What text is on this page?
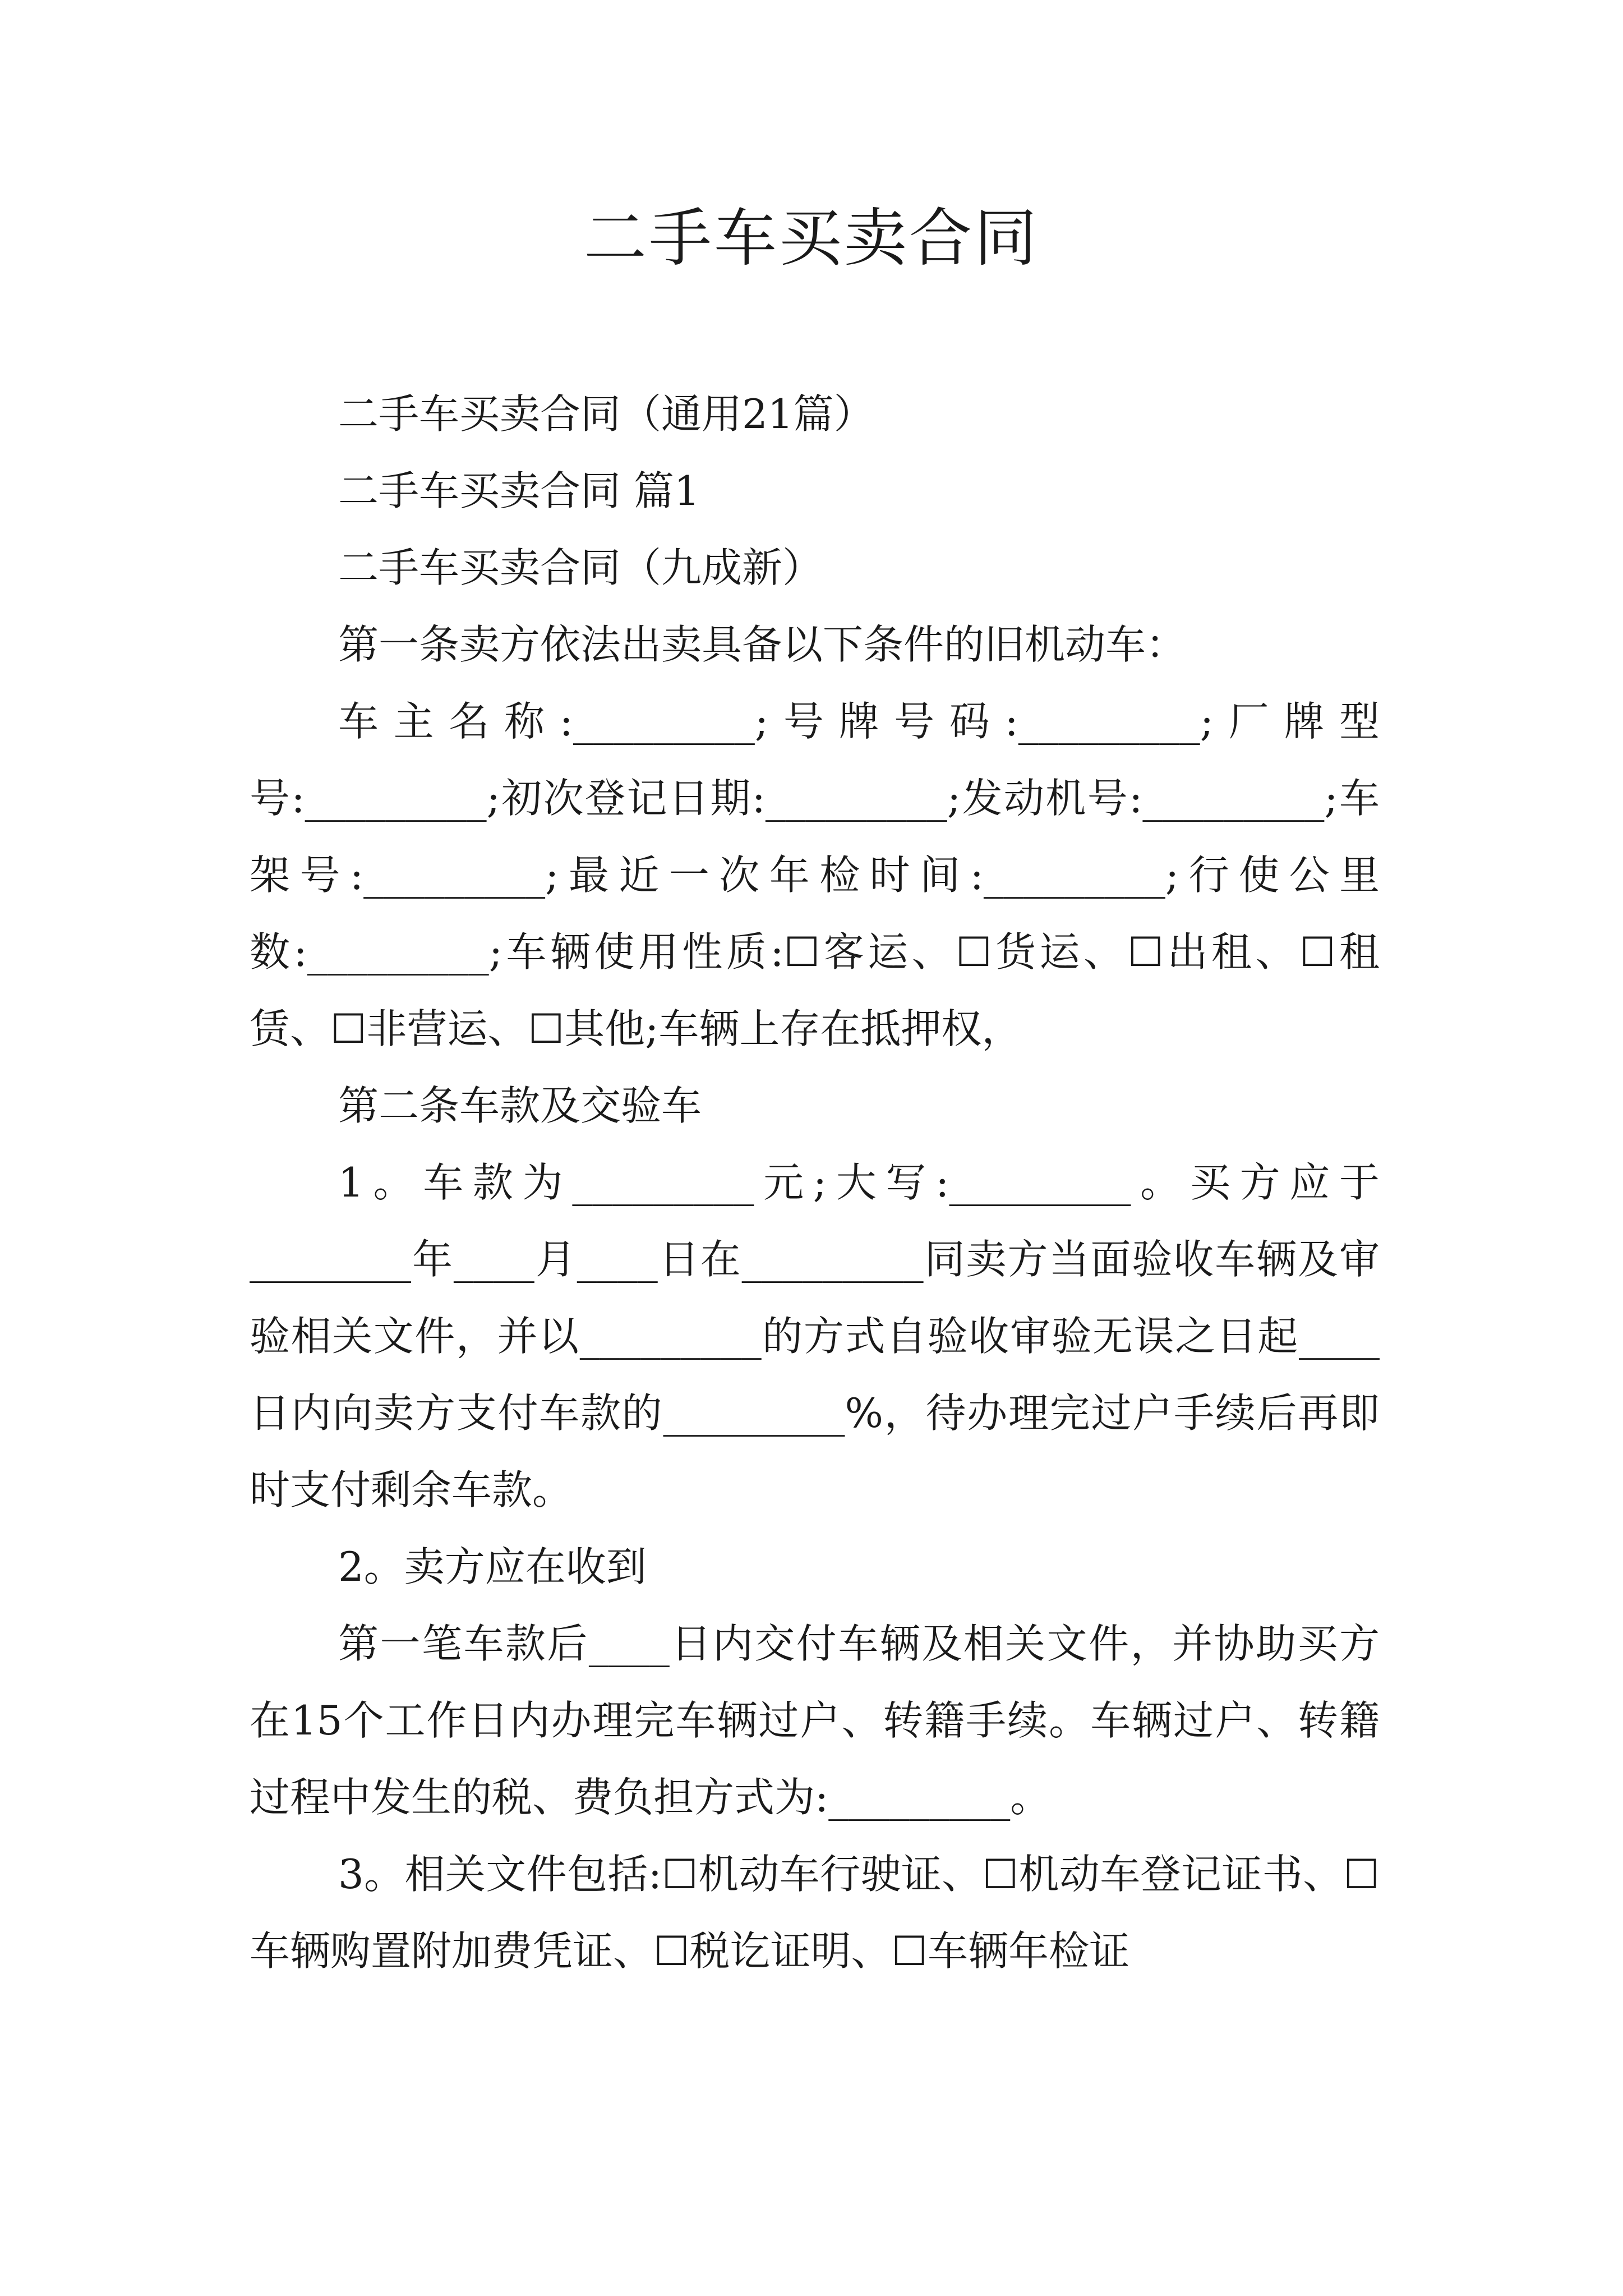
二手车买卖合同

二手车买卖合同（通用21篇）

二手车买卖合同 篇1

二手车买卖合同（九成新）

第一条卖方依法出卖具备以下条件的旧机动车：

车主名称:_________;号牌号码:_________;厂牌型号:_________;初次登记日期:_________;发动机号:_________;车架号:_________;最近一次年检时间:_________;行使公里数:_________;车辆使用性质:☐客运、☐货运、☐出租、☐租赁、☐非营运、☐其他;车辆上存在抵押权，

第二条车款及交验车

1。车款为_________元;大写:_________。买方应于________年____月____日在_________同卖方当面验收车辆及审验相关文件，并以_________的方式自验收审验无误之日起____日内向卖方支付车款的_________%，待办理完过户手续后再即时支付剩余车款。

2。卖方应在收到

第一笔车款后____日内交付车辆及相关文件，并协助买方在15个工作日内办理完车辆过户、转籍手续。车辆过户、转籍过程中发生的税、费负担方式为:_________。

3。相关文件包括:☐机动车行驶证、☐机动车登记证书、☐车辆购置附加费凭证、☐税讫证明、☐车辆年检证
